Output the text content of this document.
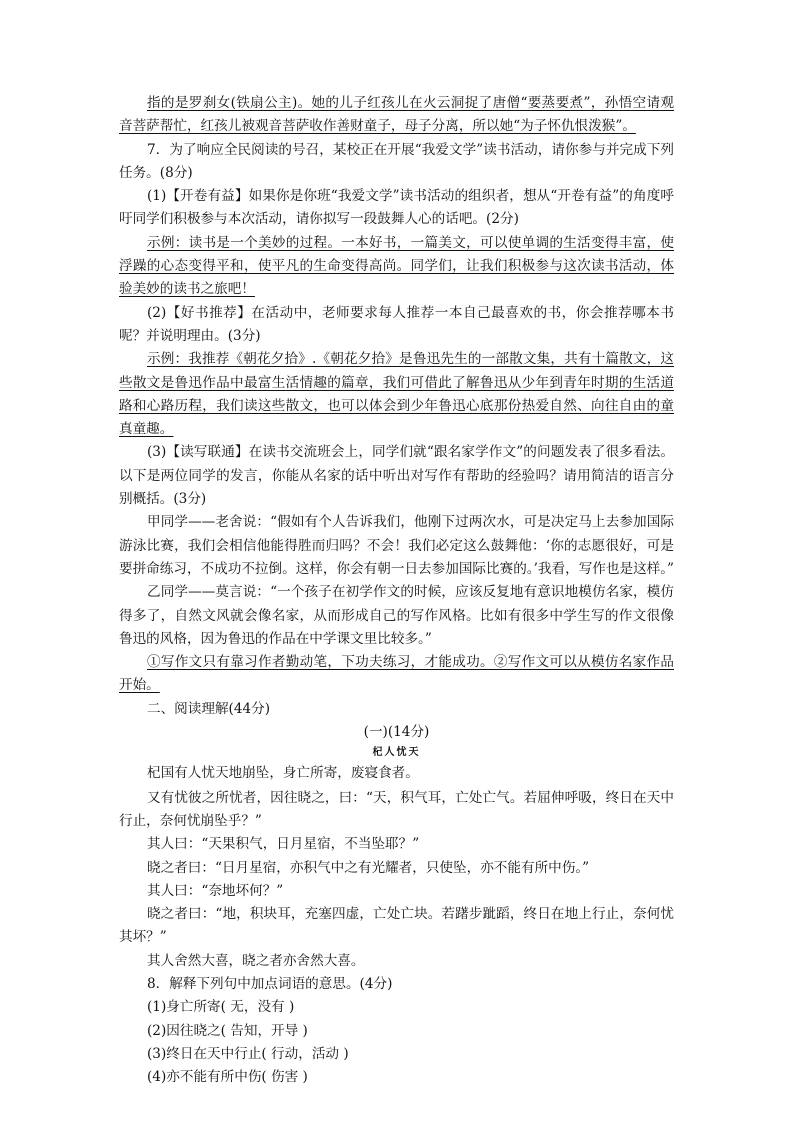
指的是罗刹女(铁扇公主)。她的儿子红孩儿在火云洞捉了唐僧“要蒸要煮”，孙悟空请观音菩萨帮忙，红孩儿被观音菩萨收作善财童子，母子分离，所以她“为子怀仇恨泼猴”。

7．为了响应全民阅读的号召，某校正在开展“我爱文学”读书活动，请你参与并完成下列任务。(8分)

(1)【开卷有益】如果你是你班“我爱文学”读书活动的组织者，想从“开卷有益”的角度呼吁同学们积极参与本次活动，请你拟写一段鼓舞人心的话吧。(2分)

示例：读书是一个美妙的过程。一本好书，一篇美文，可以使单调的生活变得丰富，使浮躁的心态变得平和，使平凡的生命变得高尚。同学们，让我们积极参与这次读书活动，体验美妙的读书之旅吧！

(2)【好书推荐】在活动中，老师要求每人推荐一本自己最喜欢的书，你会推荐哪本书呢？并说明理由。(3分)

示例：我推荐《朝花夕拾》.《朝花夕拾》是鲁迅先生的一部散文集，共有十篇散文，这些散文是鲁迅作品中最富生活情趣的篇章，我们可借此了解鲁迅从少年到青年时期的生活道路和心路历程，我们读这些散文，也可以体会到少年鲁迅心底那份热爱自然、向往自由的童真童趣。

(3)【读写联通】在读书交流班会上，同学们就“跟名家学作文”的问题发表了很多看法。以下是两位同学的发言，你能从名家的话中听出对写作有帮助的经验吗？请用简洁的语言分别概括。(3分)

甲同学——老舍说：“假如有个人告诉我们，他刚下过两次水，可是决定马上去参加国际游泳比赛，我们会相信他能得胜而归吗？不会！我们必定这么鼓舞他：‘你的志愿很好，可是要拼命练习，不成功不拉倒。这样，你会有朝一日去参加国际比赛的。’我看，写作也是这样。”

乙同学——莫言说：“一个孩子在初学作文的时候，应该反复地有意识地模仿名家，模仿得多了，自然文风就会像名家，从而形成自己的写作风格。比如有很多中学生写的作文很像鲁迅的风格，因为鲁迅的作品在中学课文里比较多。”

①写作文只有靠习作者勤动笔，下功夫练习，才能成功。②写作文可以从模仿名家作品开始。

二、阅读理解(44分)

(一)(14分)

杞人忧天

杞国有人忧天地崩坠，身亡所寄，废寝食者。

又有忧彼之所忧者，因往晓之，曰：“天，积气耳，亡处亡气。若屈伸呼吸，终日在天中行止，奈何忧崩坠乎？”

其人曰：“天果积气，日月星宿，不当坠耶？”

晓之者曰：“日月星宿，亦积气中之有光耀者，只使坠，亦不能有所中伤。”

其人曰：“奈地坏何？”

晓之者曰：“地，积块耳，充塞四虚，亡处亡块。若躇步跐蹈，终日在地上行止，奈何忧其坏？”

其人舍然大喜，晓之者亦舍然大喜。

8．解释下列句中加点词语的意思。(4分)

(1)身亡所寄( 无，没有 )

(2)因往晓之( 告知，开导 )

(3)终日在天中行止( 行动，活动 )

(4)亦不能有所中伤( 伤害 )
